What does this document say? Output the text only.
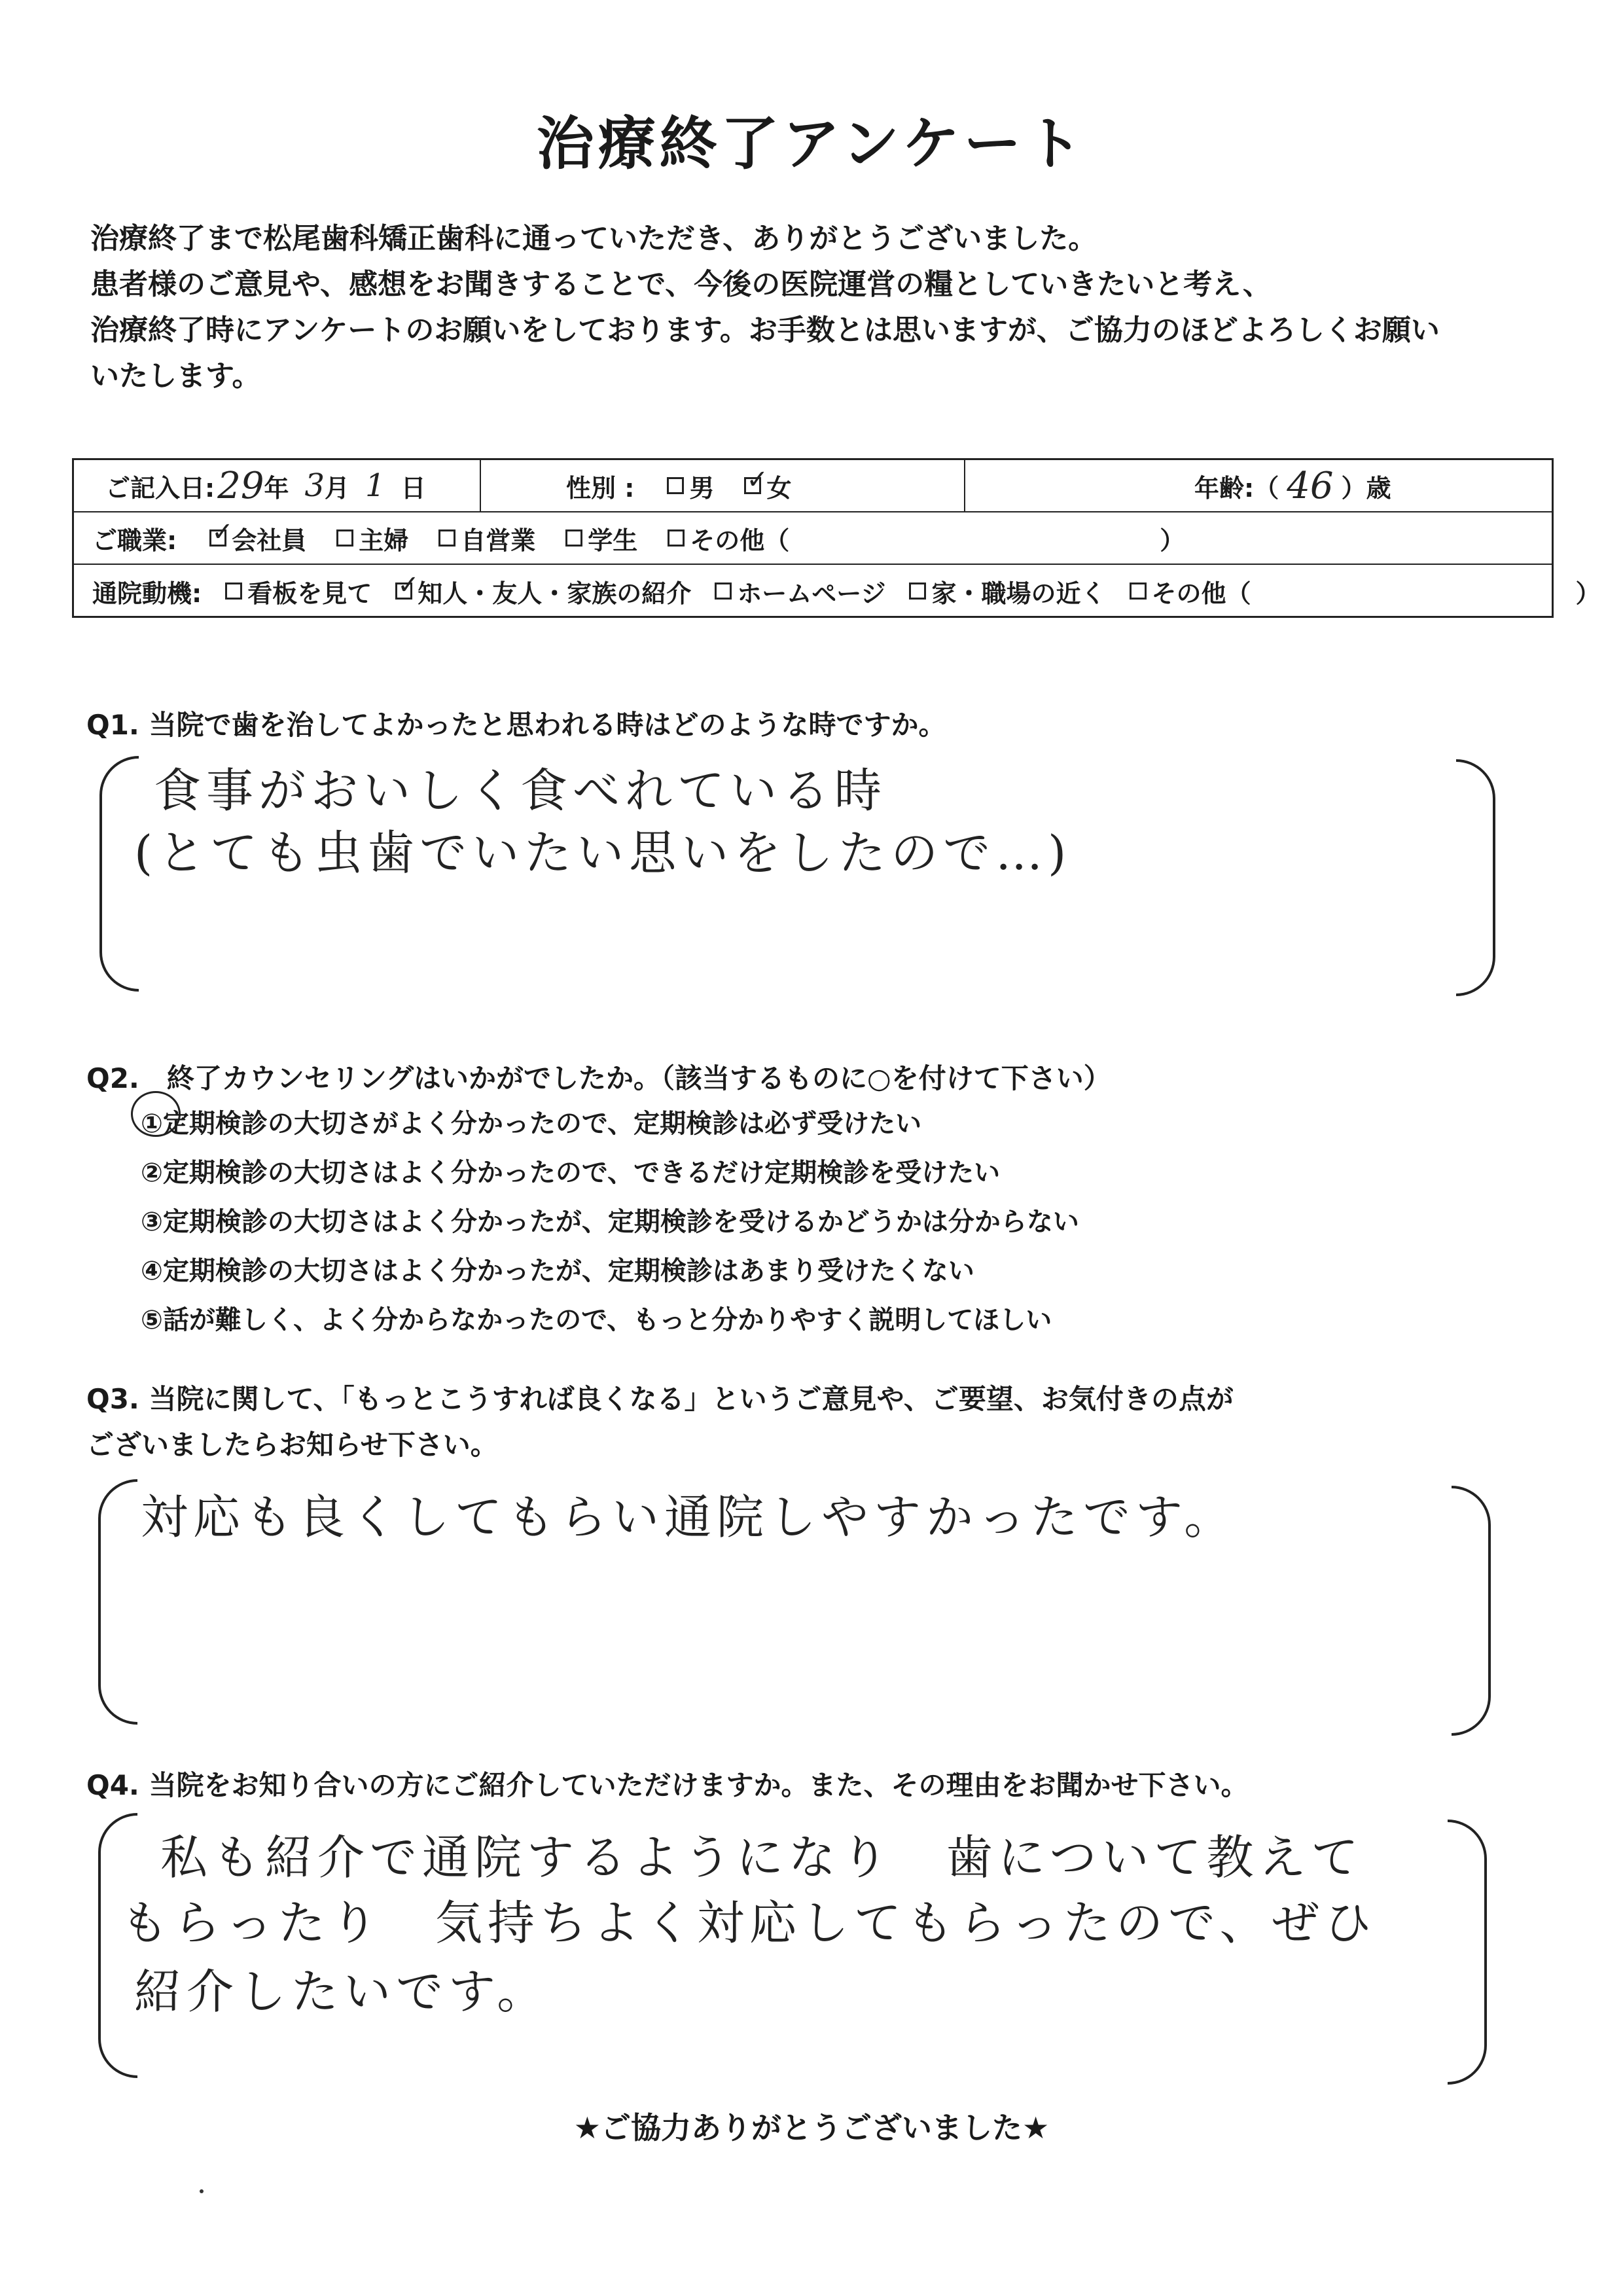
治療終了アンケート
治療終了まで松尾歯科矯正歯科に通っていただき、ありがとうございました。
患者様のご意見や、感想をお聞きすることで、今後の医院運営の糧としていきたいと考え、
治療終了時にアンケートのお願いをしております。お手数とは思いますが、ご協力のほどよろしくお願い
いたします。
ご記入日: 29 年 3 月 1 日	性別 : 男 ✓ 女	年齢:（ 46 ）歳
ご職業: ✓ 会社員 主婦 自営業 学生 その他（	）
通院動機: 看板を見て ✓ 知人・友人・家族の紹介 ホームページ 家・職場の近く その他（	）
Q1. 当院で歯を治してよかったと思われる時はどのような時ですか。
食事がおいしく食べれている時
(とても虫歯でいたい思いをしたので…)
Q2.　終了カウンセリングはいかがでしたか。（該当するものに○を付けて下さい）
①定期検診の大切さがよく分かったので、定期検診は必ず受けたい
②定期検診の大切さはよく分かったので、できるだけ定期検診を受けたい
③定期検診の大切さはよく分かったが、定期検診を受けるかどうかは分からない
④定期検診の大切さはよく分かったが、定期検診はあまり受けたくない
⑤話が難しく、よく分からなかったので、もっと分かりやすく説明してほしい
Q3. 当院に関して、「もっとこうすれば良くなる」というご意見や、ご要望、お気付きの点が
ございましたらお知らせ下さい。
対応も良くしてもらい通院しやすかったです。
Q4. 当院をお知り合いの方にご紹介していただけますか。また、その理由をお聞かせ下さい。
私も紹介で通院するようになり　歯について教えて
もらったり　気持ちよく対応してもらったので、ぜひ
紹介したいです。
★ご協力ありがとうございました★
